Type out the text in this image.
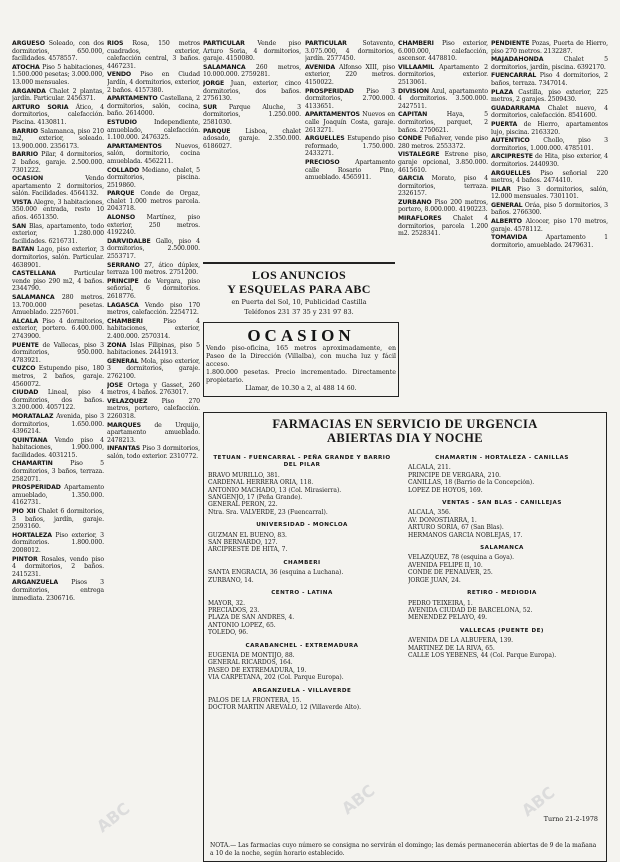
ARGUESO Soleado, con dos dormitorios, 650.000, facilidades. 4578557.

ATOCHA Piso 5 habitaciones, 1.500.000 pesetas; 3.000.000, 13.000 mensuales.

ARGANDA Chalet 2 plantas, jardín. Particular. 2456371.

ARTURO SORIA Ático, 4 dormitorios, calefacción. Piscina. 4130811.

BARRIO Salamanca, piso 210 m2, exterior, soleado. 13.900.000. 2356173.

BARRIO Pilar, 4 dormitorios, 2 baños, garaje. 2.500.000. 7301222.

OCASION Vendo apartamento 2 dormitorios, salón. Facilidades. 4564132.

VISTA Alegre, 3 habitaciones, 350.000 entrada, resto 10 años. 4651350.

SAN Blas, apartamento, todo exterior, 1.280.000 facilidades. 6216731.

BATAN Lago, piso exterior, 3 dormitorios, salón. Particular. 4638901.

CASTELLANA Particular vende piso 290 m2, 4 baños. 2344790.

SALAMANCA 280 metros. 13.700.000 pesetas. Amueblado. 2257601.

ALCALA Piso 4 dormitorios, exterior, portero. 6.400.000. 2743900.

PUENTE de Vallecas, piso 3 dormitorios, 950.000. 4783921.

CUZCO Estupendo piso, 180 metros, 2 baños, garaje. 4560072.

CIUDAD Lineal, piso 4 dormitorios, dos baños. 3.200.000. 4057122.

MORATALAZ Avenida, piso 3 dormitorios, 1.650.000. 4396214.

QUINTANA Vendo piso 4 habitaciones, 1.900.000, facilidades. 4031215.

CHAMARTIN Piso 5 dormitorios, 3 baños, terraza. 2582071.

PROSPERIDAD Apartamento amueblado, 1.350.000. 4162731.

PIO XII Chalet 6 dormitorios, 3 baños, jardín, garaje. 2593160.

HORTALEZA Piso exterior, 3 dormitorios. 1.800.000. 2008012.

PINTOR Rosales, vendo piso 4 dormitorios, 2 baños. 2415231.

ARGANZUELA Pisos 3 dormitorios, entrega inmediata. 2306716.

RIOS Rosa, 150 metros cuadrados, exterior, calefacción central, 3 baños. 4467231.

VENDO Piso en Ciudad Jardín, 4 dormitorios, exterior, 2 baños. 4157380.

APARTAMENTO Castellana, 2 dormitorios, salón, cocina, baño. 2614000.

ESTUDIO Independiente, amueblado, calefacción. 1.100.000. 2476325.

APARTAMENTOS Nuevos, salón, dormitorio, cocina amueblada. 4562211.

COLLADO Mediano, chalet, 5 dormitorios, piscina. 2519860.

PARQUE Conde de Orgaz, chalet 1.000 metros parcela. 2043718.

ALONSO Martínez, piso exterior, 250 metros. 4192240.

DARVIDALBE Gallo, piso 4 dormitorios, 2.500.000. 2553717.

SERRANO 27, ático dúplex, terraza 100 metros. 2751200.

PRINCIPE de Vergara, piso señorial, 6 dormitorios. 2618776.

LAGASCA Vendo piso 170 metros, calefacción. 2254712.

CHAMBERI Piso 4 habitaciones, exterior, 2.400.000. 2570314.

ZONA Islas Filipinas, piso 5 habitaciones. 2441913.

GENERAL Mola, piso exterior, 3 dormitorios, garaje. 2762100.

JOSE Ortega y Gasset, 260 metros, 4 baños. 2763017.

VELAZQUEZ Piso 270 metros, portero, calefacción. 2260318.

MARQUES de Urquijo, apartamento amueblado. 2478213.

INFANTAS Piso 3 dormitorios, salón, todo exterior. 2310772.

PARTICULAR Vende piso Arturo Soria, 4 dormitorios, garaje. 4150080.

SALAMANCA 260 metros, 10.000.000. 2759281.

JORGE Juan, exterior, cinco dormitorios, dos baños. 2756130.

SUR Parque Aluche, 3 dormitorios, 1.250.000. 2581030.

PARQUE Lisboa, chalet adosado, garaje. 2.350.000. 6186027.

PARTICULAR Sotavento, 3.075.000, 4 dormitorios, jardín. 2577450.

AVENIDA Alfonso XIII, piso exterior, 220 metros. 4150022.

PROSPERIDAD Piso 3 dormitorios, 2.700.000. 4133651.

APARTAMENTOS Nuevos en calle Joaquín Costa, garaje. 2613271.

ARGUELLES Estupendo piso reformado, 1.750.000. 2433271.

PRECIOSO Apartamento calle Rosario Pino, amueblado. 4565911.

CHAMBERI Piso exterior, 6.000.000, calefacción, ascensor. 4478810.

VILLAAMIL Apartamento 2 dormitorios, exterior. 2513061.

DIVISION Azul, apartamento 4 dormitorios. 3.500.000. 2427511.

CAPITAN Haya, 5 dormitorios, parquet, 2 baños. 2750621.

CONDE Peñalver, vende piso 280 metros. 2553372.

VISTALEGRE Estrene piso, garaje opcional, 3.850.000. 4615610.

GARCIA Morato, piso 4 dormitorios, terraza. 2326157.

ZURBANO Piso 200 metros, portero, 8.000.000. 4190223.

MIRAFLORES Chalet 4 dormitorios, parcela 1.200 m2. 2528341.

PENDIENTE Pozas, Puerta de Hierro, piso 270 metros. 2132287.

MAJADAHONDA Chalet 5 dormitorios, jardín, piscina. 6392170.

FUENCARRAL Piso 4 dormitorios, 2 baños, terraza. 7347014.

PLAZA Castilla, piso exterior, 225 metros, 2 garajes. 2509430.

GUADARRAMA Chalet nuevo, 4 dormitorios, calefacción. 8541600.

PUERTA de Hierro, apartamentos lujo, piscina. 2163320.

AUTENTICO Chollo, piso 3 dormitorios, 1.000.000. 4785101.

ARCIPRESTE de Hita, piso exterior, 4 dormitorios. 2440930.

ARGUELLES Piso señorial 220 metros, 4 baños. 2474410.

PILAR Piso 3 dormitorios, salón, 12.000 mensuales. 7301101.

GENERAL Oráa, piso 5 dormitorios, 3 baños. 2766300.

ALBERTO Alcocer, piso 170 metros, garaje. 4578112.

TOMAVIDA Apartamento 1 dormitorio, amueblado. 2479631.

LOS ANUNCIOS
Y ESQUELAS PARA ABC
en Puerta del Sol, 10, Publicidad Castilla
Teléfonos 231 37 35 y 231 97 83.
OCASION
Vendo piso-oficina, 165 metros aproximadamente, en Paseo de la Dirección (Villalba), con mucha luz y fácil acceso.
1.800.000 pesetas. Precio incrementado. Directamente propietario.
Llamar, de 10.30 a 2, al 488 14 60.
FARMACIAS EN SERVICIO DE URGENCIA
ABIERTAS DIA Y NOCHE
TETUAN - FUENCARRAL - PEÑA GRANDE Y BARRIO DEL PILAR
BRAVO MURILLO, 381.
CARDENAL HERRERA ORIA, 118.
ANTONIO MACHADO, 13 (Col. Mirasierra).
SANGENJO, 17 (Peña Grande).
GENERAL PERON, 22.
Ntra. Sra. VALVERDE, 23 (Fuencarral).
UNIVERSIDAD - MONCLOA
GUZMAN EL BUENO, 83.
SAN BERNARDO, 127.
ARCIPRESTE DE HITA, 7.
CHAMBERI
SANTA ENGRACIA, 36 (esquina a Luchana).
ZURBANO, 14.
CENTRO - LATINA
MAYOR, 32.
PRECIADOS, 23.
PLAZA DE SAN ANDRES, 4.
ANTONIO LOPEZ, 65.
TOLEDO, 96.
CARABANCHEL - EXTREMADURA
EUGENIA DE MONTIJO, 88.
GENERAL RICARDOS, 164.
PASEO DE EXTREMADURA, 19.
VIA CARPETANA, 202 (Col. Parque Europa).
ARGANZUELA - VILLAVERDE
PALOS DE LA FRONTERA, 15.
DOCTOR MARTIN AREVALO, 12 (Villaverde Alto).
CHAMARTIN - HORTALEZA - CANILLAS
ALCALA, 211.
PRINCIPE DE VERGARA, 210.
CANILLAS, 18 (Barrio de la Concepción).
LOPEZ DE HOYOS, 169.
VENTAS - SAN BLAS - CANILLEJAS
ALCALA, 356.
AV. DONOSTIARRA, 1.
ARTURO SORIA, 67 (San Blas).
HERMANOS GARCIA NOBLEJAS, 17.
SALAMANCA
VELAZQUEZ, 78 (esquina a Goya).
AVENIDA FELIPE II, 10.
CONDE DE PEÑALVER, 25.
JORGE JUAN, 24.
RETIRO - MEDIODIA
PEDRO TEIXEIRA, 1.
AVENIDA CIUDAD DE BARCELONA, 52.
MENENDEZ PELAYO, 49.
VALLECAS (PUENTE DE)
AVENIDA DE LA ALBUFERA, 139.
MARTINEZ DE LA RIVA, 65.
CALLE LOS YÉBENES, 44 (Col. Parque Europa).
Turno 21-2-1978
NOTA.— Las farmacias cuyo número se consigna no servirán el domingo; las demás permanecerán abiertas de 9 de la mañana a 10 de la noche, según horario establecido.
ABC	ABC	ABC
